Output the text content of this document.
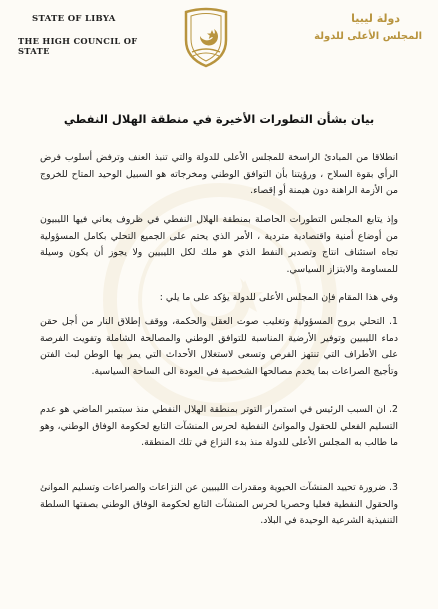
STATE OF LIBYA
THE HIGH COUNCIL OF STATE
دولة ليبيا
المجلس الأعلى للدولة
بيان بشأن التطورات الأخيرة في منطقة الهلال النفطي
انطلاقا من المبادئ الراسخة للمجلس الأعلى للدولة والتي تنبذ العنف وترفض أسلوب فرض الرأي بقوة السلاح ، ورؤيتنا بأن التوافق الوطني ومخرجاته هو السبيل الوحيد المتاح للخروج من الأزمة الراهنة دون هيمنة أو إقصاء.
وإذ يتابع المجلس التطورات الحاصلة بمنطقة الهلال النفطي في ظروف يعاني فيها الليبيون من أوضاع أمنية واقتصادية متردية ، الأمر الذي يحتم على الجميع التحلي بكامل المسؤولية تجاه استئناف انتاج وتصدير النفط الذي هو ملك لكل الليبيين ولا يجوز أن يكون وسيلة للمساومة والابتزاز السياسي.
وفي هذا المقام فإن المجلس الأعلى للدولة يؤكد على ما يلي :
1. التحلي بروح المسؤولية وتغليب صوت العقل والحكمة، ووقف إطلاق النار من أجل حقن دماء الليبيين وتوفير الأرضية المناسبة للتوافق الوطني والمصالحة الشاملة وتفويت الفرصة على الأطراف التي تنتهز الفرص وتسعى لاستغلال الأحداث التي يمر بها الوطن لبث الفتن وتأجيج الصراعات بما يخدم مصالحها الشخصية في العودة الى الساحة السياسية.
2. ان السبب الرئيس في استمرار التوتر بمنطقة الهلال النفطي منذ سبتمبر الماضي هو عدم التسليم الفعلي للحقول والموانئ النفطية لحرس المنشآت التابع لحكومة الوفاق الوطني، وهو ما طالب به المجلس الأعلى للدولة منذ بدء النزاع في تلك المنطقة.
3. ضرورة تحييد المنشآت الحيوية ومقدرات الليبيين عن النزاعات والصراعات وتسليم الموانئ والحقول النفطية فعليا وحصريا لحرس المنشآت التابع لحكومة الوفاق الوطني بصفتها السلطة التنفيذية الشرعية الوحيدة في البلاد.
